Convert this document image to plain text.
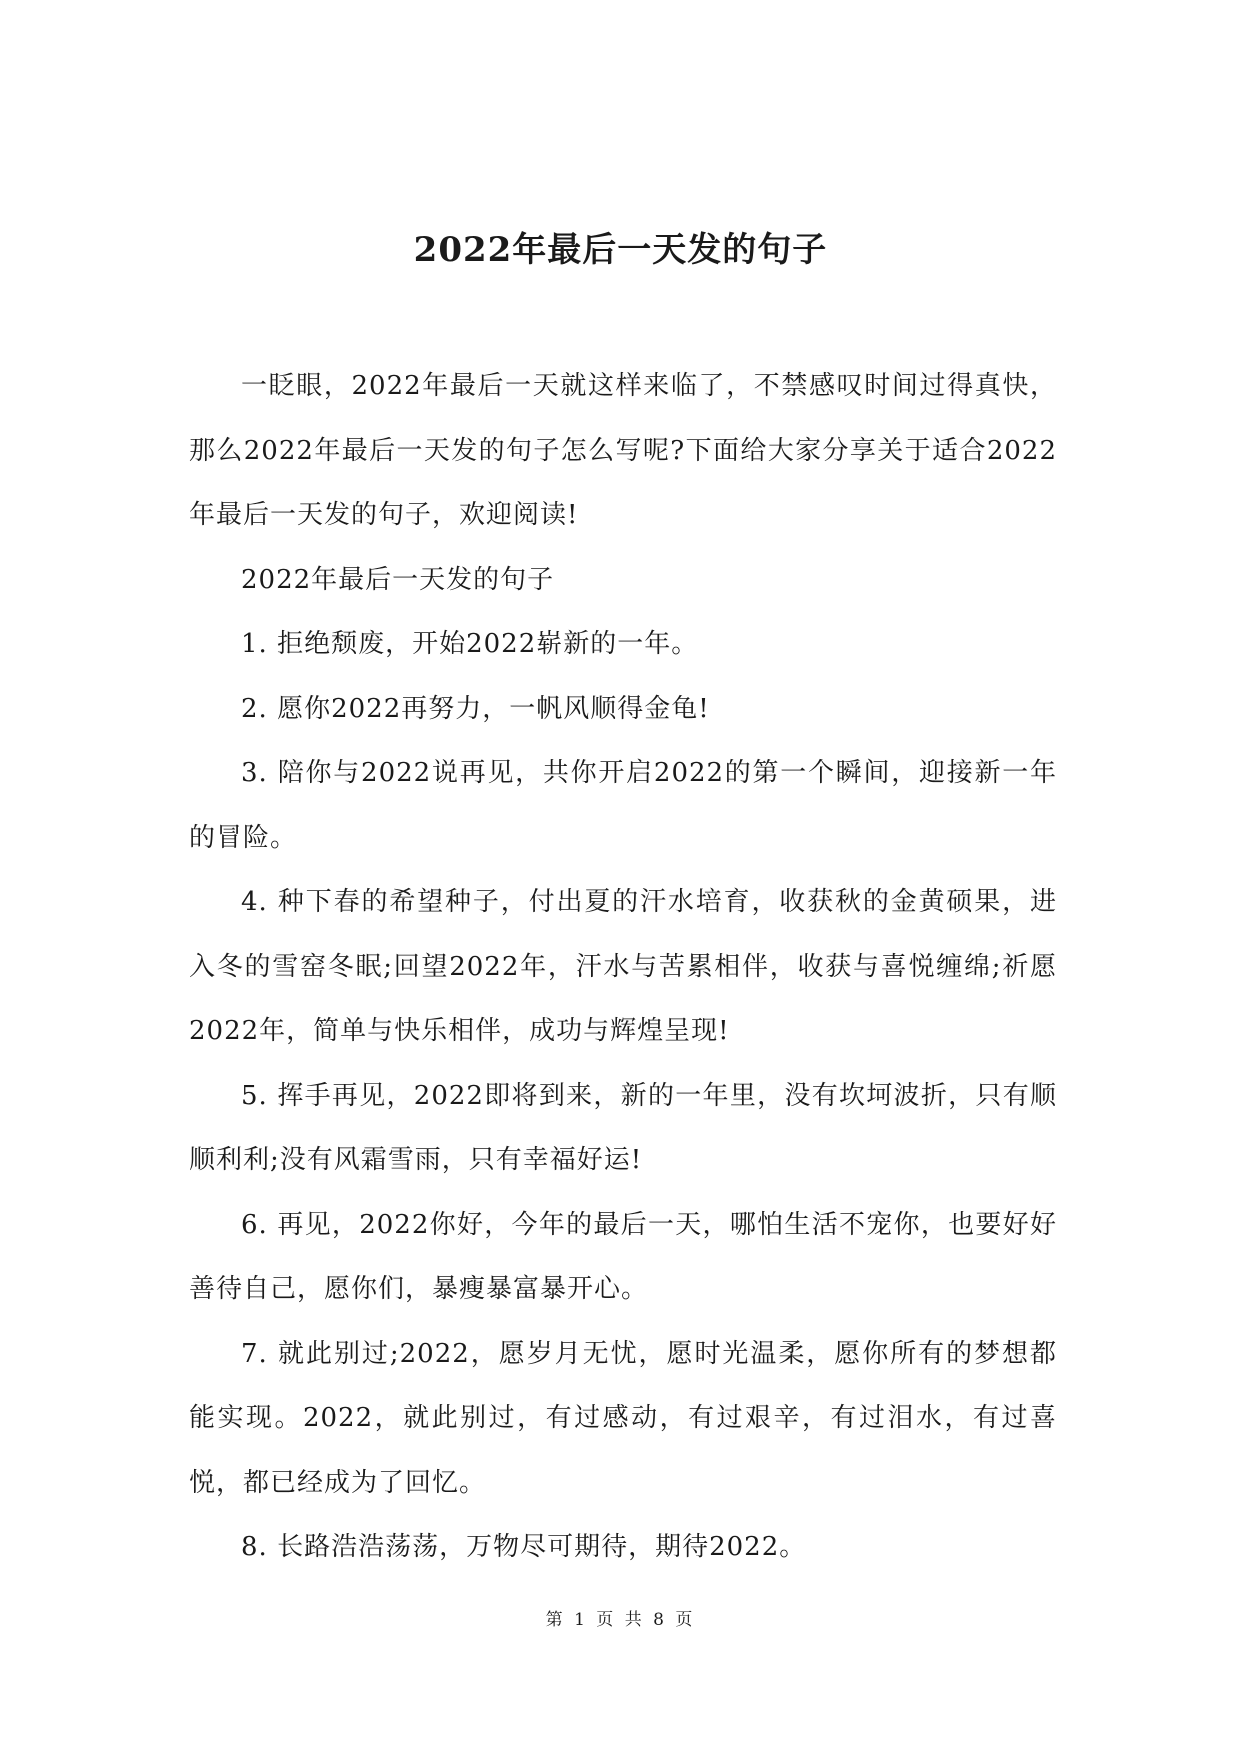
2022年最后一天发的句子

一眨眼，2022年最后一天就这样来临了，不禁感叹时间过得真快，那么2022年最后一天发的句子怎么写呢?下面给大家分享关于适合2022年最后一天发的句子，欢迎阅读!

2022年最后一天发的句子

1. 拒绝颓废，开始2022崭新的一年。

2. 愿你2022再努力，一帆风顺得金龟!

3. 陪你与2022说再见，共你开启2022的第一个瞬间，迎接新一年的冒险。

4. 种下春的希望种子，付出夏的汗水培育，收获秋的金黄硕果，进入冬的雪窑冬眠;回望2022年，汗水与苦累相伴，收获与喜悦缠绵;祈愿2022年，简单与快乐相伴，成功与辉煌呈现!

5. 挥手再见，2022即将到来，新的一年里，没有坎坷波折，只有顺顺利利;没有风霜雪雨，只有幸福好运!

6. 再见，2022你好，今年的最后一天，哪怕生活不宠你，也要好好善待自己，愿你们，暴瘦暴富暴开心。

7. 就此别过;2022，愿岁月无忧，愿时光温柔，愿你所有的梦想都能实现。2022，就此别过，有过感动，有过艰辛，有过泪水，有过喜悦，都已经成为了回忆。

8. 长路浩浩荡荡，万物尽可期待，期待2022。

第 1 页 共 8 页
